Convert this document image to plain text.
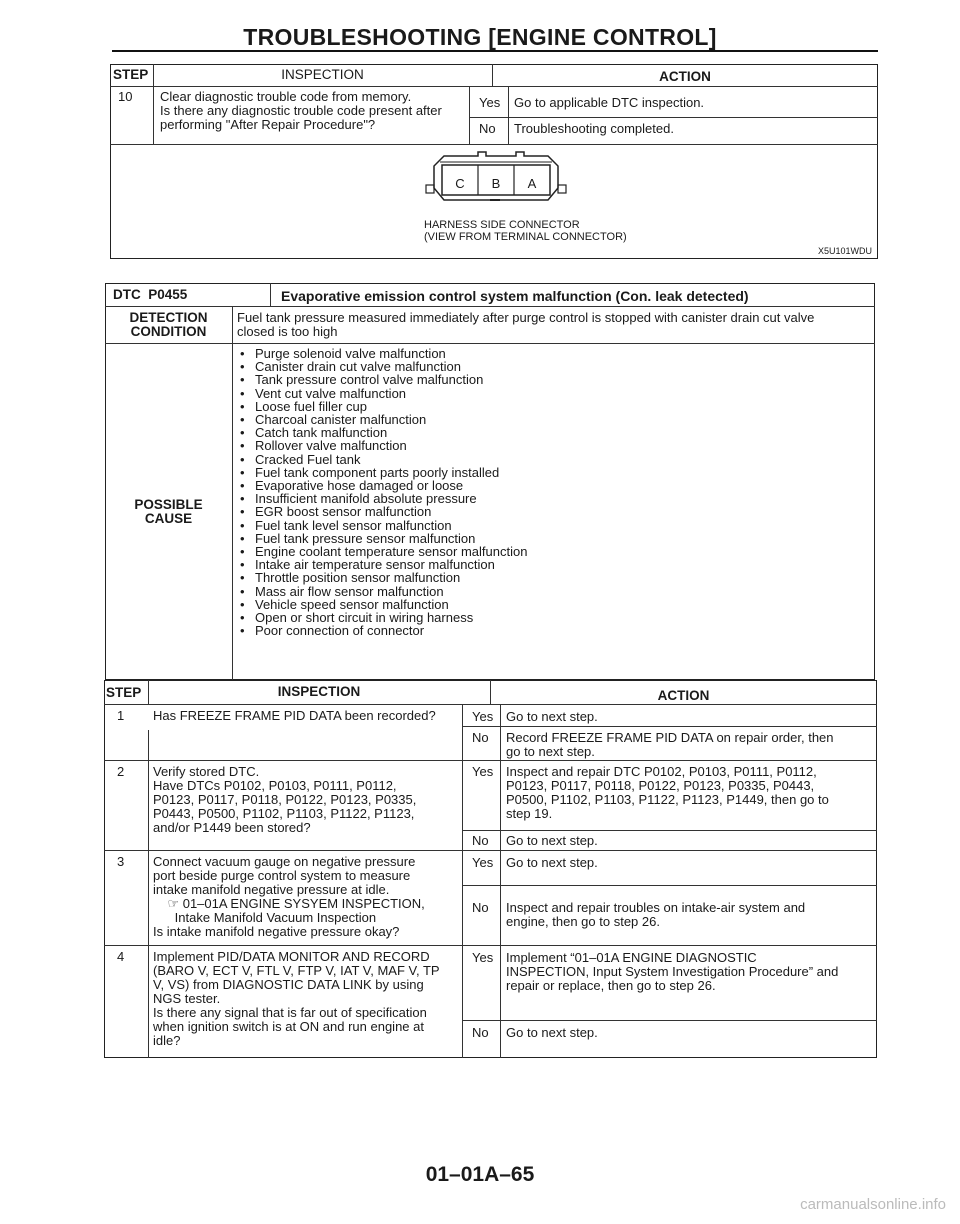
TROUBLESHOOTING [ENGINE CONTROL]
STEP	INSPECTION	ACTION
10 Clear diagnostic trouble code from memory.
Is there any diagnostic trouble code present after
performing "After Repair Procedure"?
Yes Go to applicable DTC inspection.
No Troubleshooting completed.
C	B	A
HARNESS SIDE CONNECTOR
(VIEW FROM TERMINAL CONNECTOR)
X5U101WDU
DTC  P0455	Evaporative emission control system malfunction (Con. leak detected)
DETECTION
CONDITION
Fuel tank pressure measured immediately after purge control is stopped with canister drain cut valve
closed is too high
POSSIBLE
CAUSE
• Purge solenoid valve malfunction
• Canister drain cut valve malfunction
• Tank pressure control valve malfunction
• Vent cut valve malfunction
• Loose fuel filler cup
• Charcoal canister malfunction
• Catch tank malfunction
• Rollover valve malfunction
• Cracked Fuel tank
• Fuel tank component parts poorly installed
• Evaporative hose damaged or loose
• Insufficient manifold absolute pressure
• EGR boost sensor malfunction
• Fuel tank level sensor malfunction
• Fuel tank pressure sensor malfunction
• Engine coolant temperature sensor malfunction
• Intake air temperature sensor malfunction
• Throttle position sensor malfunction
• Mass air flow sensor malfunction
• Vehicle speed sensor malfunction
• Open or short circuit in wiring harness
• Poor connection of connector
STEP	INSPECTION	ACTION
1 Has FREEZE FRAME PID DATA been recorded?	Yes Go to next step.
No Record FREEZE FRAME PID DATA on repair order, then
go to next step.
2 Verify stored DTC.
Have DTCs P0102, P0103, P0111, P0112,
P0123, P0117, P0118, P0122, P0123, P0335,
P0443, P0500, P1102, P1103, P1122, P1123,
and/or P1449 been stored?
Yes Inspect and repair DTC P0102, P0103, P0111, P0112,
P0123, P0117, P0118, P0122, P0123, P0335, P0443,
P0500, P1102, P1103, P1122, P1123, P1449, then go to
step 19.
No Go to next step.
3 Connect vacuum gauge on negative pressure
port beside purge control system to measure
intake manifold negative pressure at idle.
☞ 01–01A ENGINE SYSYEM INSPECTION,
Intake Manifold Vacuum Inspection
Is intake manifold negative pressure okay?
Yes Go to next step.
No Inspect and repair troubles on intake-air system and
engine, then go to step 26.
4 Implement PID/DATA MONITOR AND RECORD
(BARO V, ECT V, FTL V, FTP V, IAT V, MAF V, TP
V, VS) from DIAGNOSTIC DATA LINK by using
NGS tester.
Is there any signal that is far out of specification
when ignition switch is at ON and run engine at
idle?
Yes Implement “01–01A ENGINE DIAGNOSTIC
INSPECTION, Input System Investigation Procedure” and
repair or replace, then go to step 26.
No Go to next step.
01–01A–65
carmanualsonline.info
